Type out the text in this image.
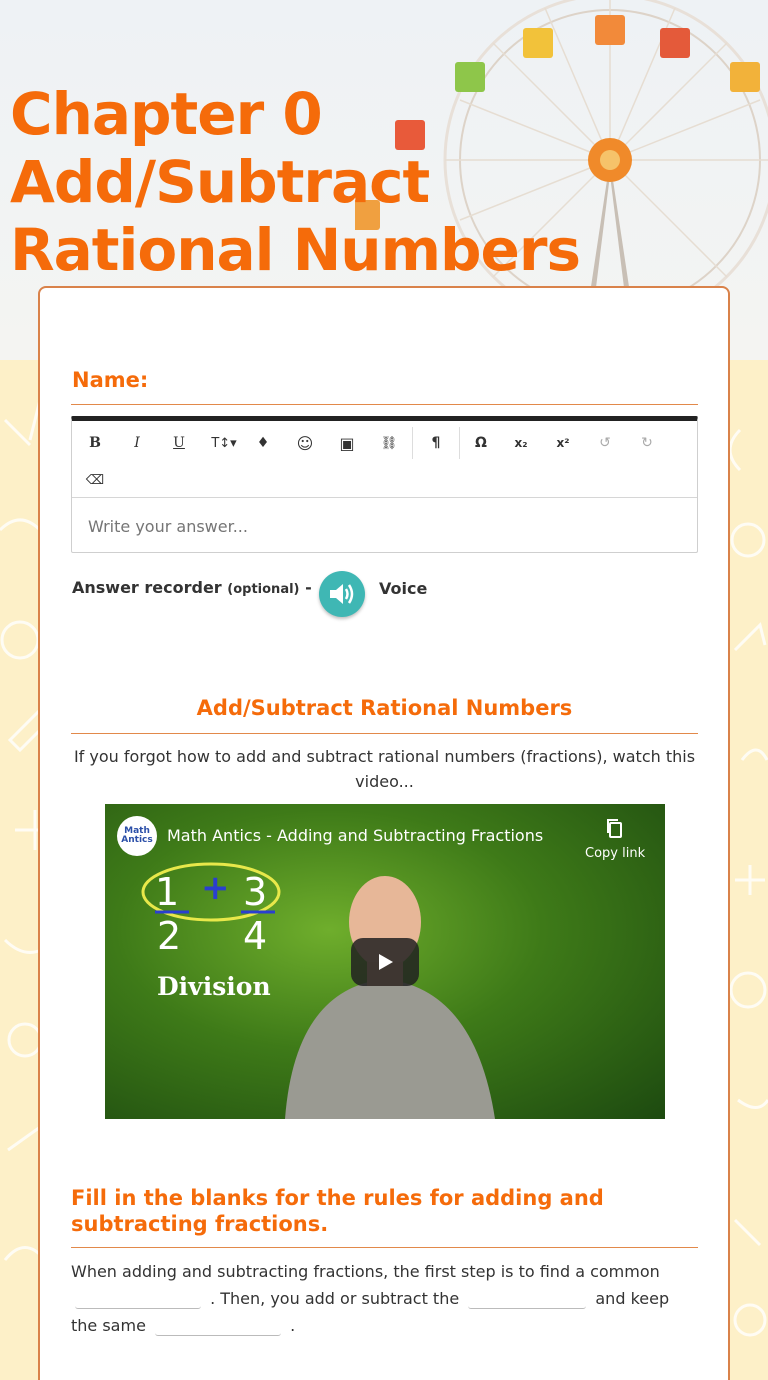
Chapter 0 Add/Subtract Rational Numbers
Name:
B	I	U	T↕▾	♦	☺	▣	⛓	¶	Ω	x₂	x²	↺	↻
⌫
Write your answer...
Answer recorder (optional) -	Voice
Add/Subtract Rational Numbers
If you forgot how to add and subtract rational numbers (fractions), watch this video...
1 + 3
2 4
Division
Math Antics Math Antics - Adding and Subtracting Fractions
Copy link
Fill in the blanks for the rules for adding and subtracting fractions.
When adding and subtracting fractions, the first step is to find a common  . Then, you add or subtract the	and keep the same	.
